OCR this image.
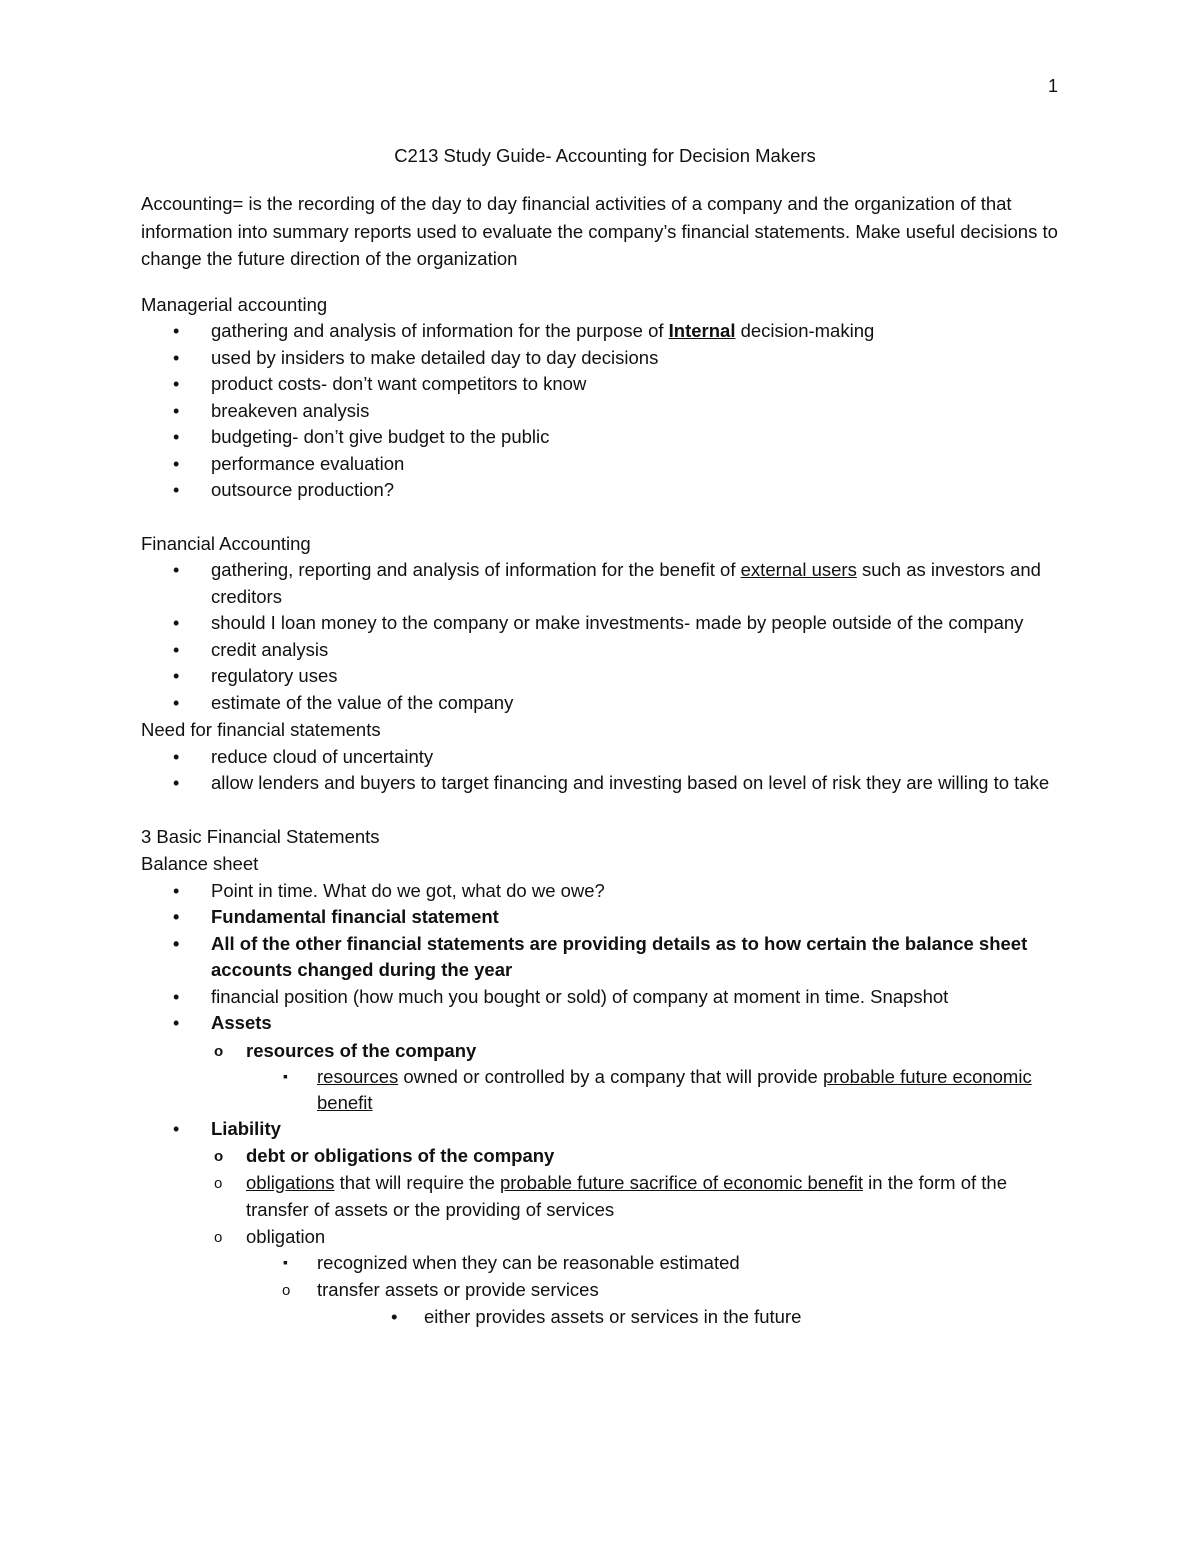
1

C213 Study Guide- Accounting for Decision Makers

Accounting= is the recording of the day to day financial activities of a company and the organization of that information into summary reports used to evaluate the company’s financial statements. Make useful decisions to change the future direction of the organization

Managerial accounting

• gathering and analysis of information for the purpose of Internal decision-making
• used by insiders to make detailed day to day decisions
• product costs- don’t want competitors to know
• breakeven analysis
• budgeting- don’t give budget to the public
• performance evaluation
• outsource production?

Financial Accounting

• gathering, reporting and analysis of information for the benefit of external users such as investors and creditors
• should I loan money to the company or make investments- made by people outside of the company
• credit analysis
• regulatory uses
• estimate of the value of the company

Need for financial statements

• reduce cloud of uncertainty
• allow lenders and buyers to target financing and investing based on level of risk they are willing to take

3 Basic Financial Statements

Balance sheet

• Point in time. What do we got, what do we owe?
• Fundamental financial statement
• All of the other financial statements are providing details as to how certain the balance sheet accounts changed during the year
• financial position (how much you bought or sold) of company at moment in time. Snapshot
• Assets
o resources of the company
▪ resources owned or controlled by a company that will provide probable future economic benefit
• Liability
o debt or obligations of the company
o obligations that will require the probable future sacrifice of economic benefit in the form of the transfer of assets or the providing of services
o obligation
▪ recognized when they can be reasonable estimated
o transfer assets or provide services
• either provides assets or services in the future
